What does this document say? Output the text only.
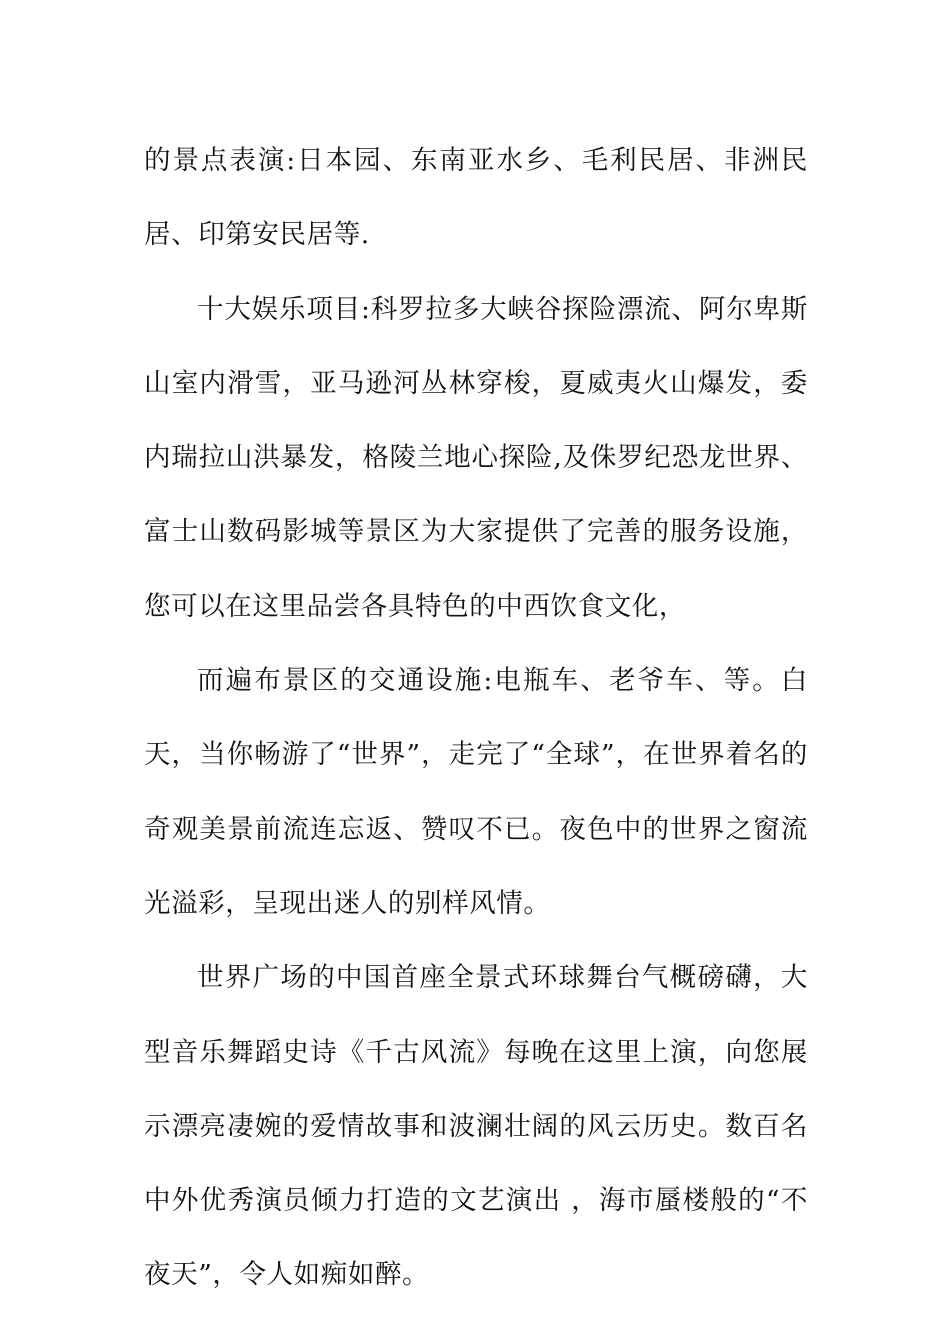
的景点表演:日本园、东南亚水乡、毛利民居、非洲民居、印第安民居等.

十大娱乐项目:科罗拉多大峡谷探险漂流、阿尔卑斯山室内滑雪，亚马逊河丛林穿梭，夏威夷火山爆发，委内瑞拉山洪暴发，格陵兰地心探险,及侏罗纪恐龙世界、富士山数码影城等景区为大家提供了完善的服务设施，您可以在这里品尝各具特色的中西饮食文化，

而遍布景区的交通设施:电瓶车、老爷车、等。白天，当你畅游了“世界”，走完了“全球”，在世界着名的奇观美景前流连忘返、赞叹不已。夜色中的世界之窗流光溢彩，呈现出迷人的别样风情。

世界广场的中国首座全景式环球舞台气概磅礴，大型音乐舞蹈史诗《千古风流》每晚在这里上演，向您展示漂亮凄婉的爱情故事和波澜壮阔的风云历史。数百名中外优秀演员倾力打造的文艺演出 ，海市蜃楼般的“不夜天”，令人如痴如醉。
